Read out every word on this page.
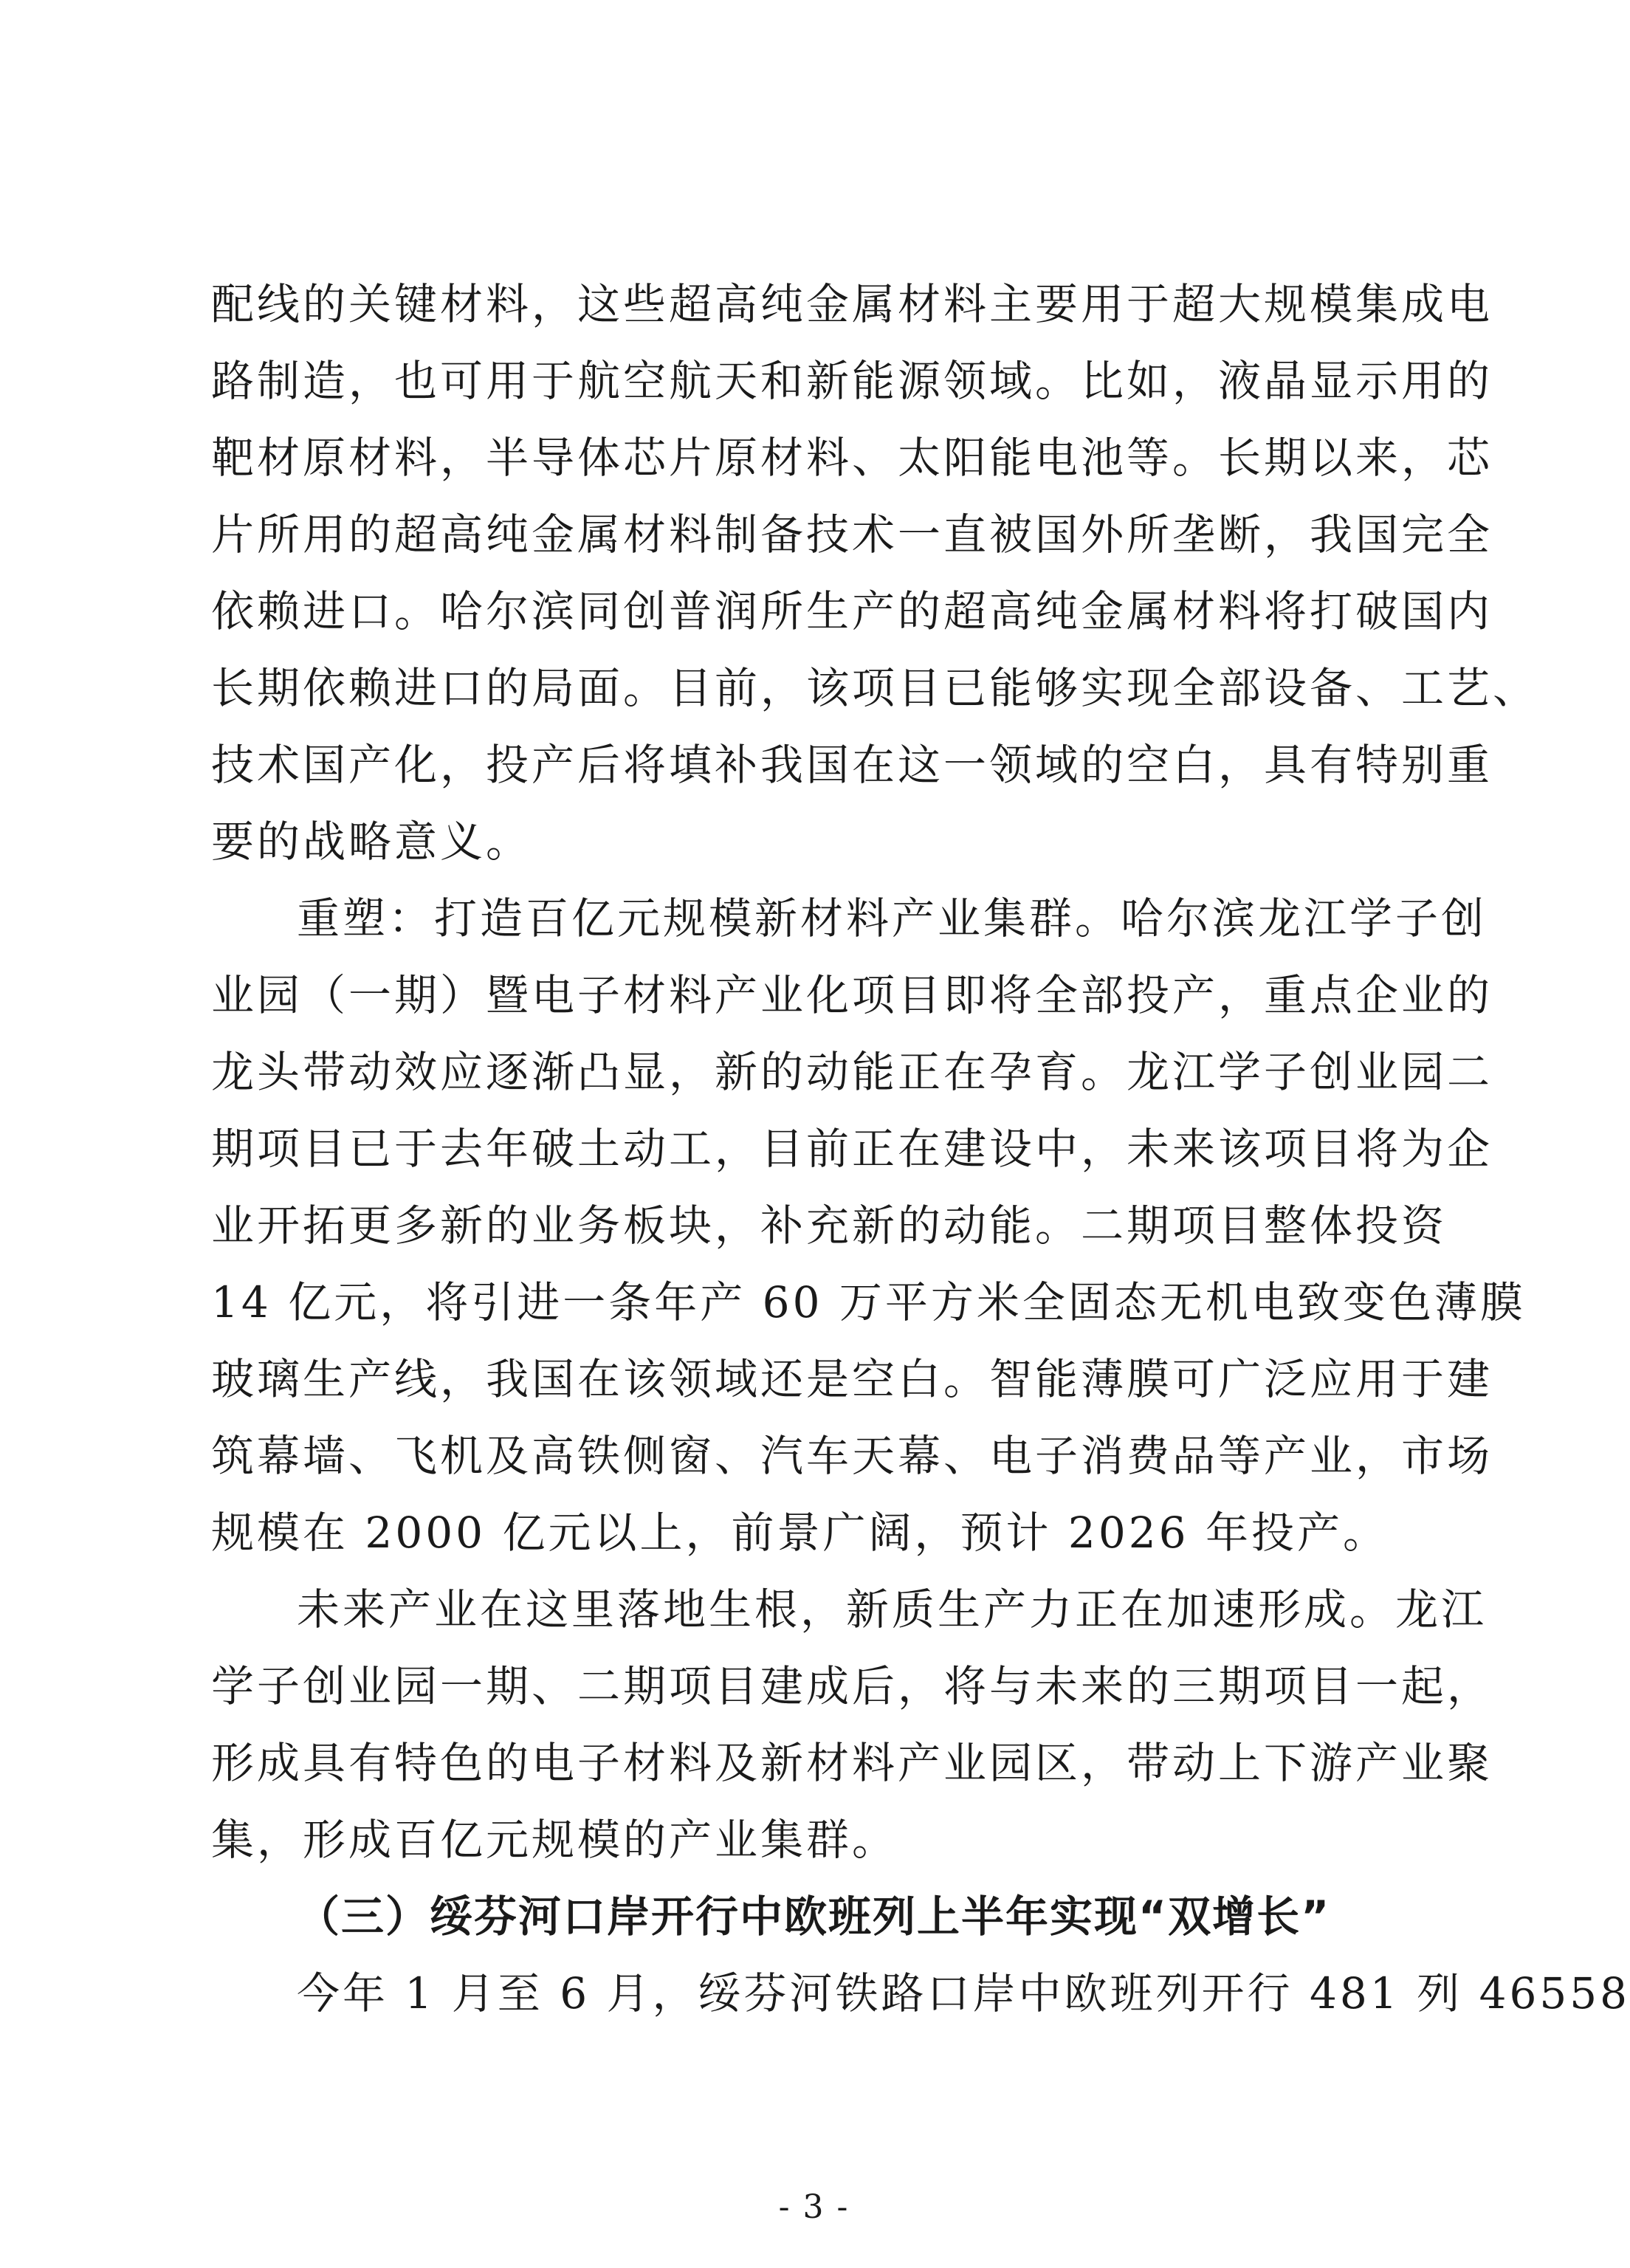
配线的关键材料，这些超高纯金属材料主要用于超大规模集成电
路制造，也可用于航空航天和新能源领域。比如，液晶显示用的
靶材原材料，半导体芯片原材料、太阳能电池等。长期以来，芯
片所用的超高纯金属材料制备技术一直被国外所垄断，我国完全
依赖进口。哈尔滨同创普润所生产的超高纯金属材料将打破国内
长期依赖进口的局面。目前，该项目已能够实现全部设备、工艺、
技术国产化，投产后将填补我国在这一领域的空白，具有特别重
要的战略意义。
重塑：打造百亿元规模新材料产业集群。哈尔滨龙江学子创
业园（一期）暨电子材料产业化项目即将全部投产，重点企业的
龙头带动效应逐渐凸显，新的动能正在孕育。龙江学子创业园二
期项目已于去年破土动工，目前正在建设中，未来该项目将为企
业开拓更多新的业务板块，补充新的动能。二期项目整体投资
14 亿元，将引进一条年产 60 万平方米全固态无机电致变色薄膜
玻璃生产线，我国在该领域还是空白。智能薄膜可广泛应用于建
筑幕墙、飞机及高铁侧窗、汽车天幕、电子消费品等产业，市场
规模在 2000 亿元以上，前景广阔，预计 2026 年投产。
未来产业在这里落地生根，新质生产力正在加速形成。龙江
学子创业园一期、二期项目建成后，将与未来的三期项目一起，
形成具有特色的电子材料及新材料产业园区，带动上下游产业聚
集，形成百亿元规模的产业集群。
（三）绥芬河口岸开行中欧班列上半年实现“双增长”
今年 1 月至 6 月，绥芬河铁路口岸中欧班列开行 481 列 46558
- 3 -
